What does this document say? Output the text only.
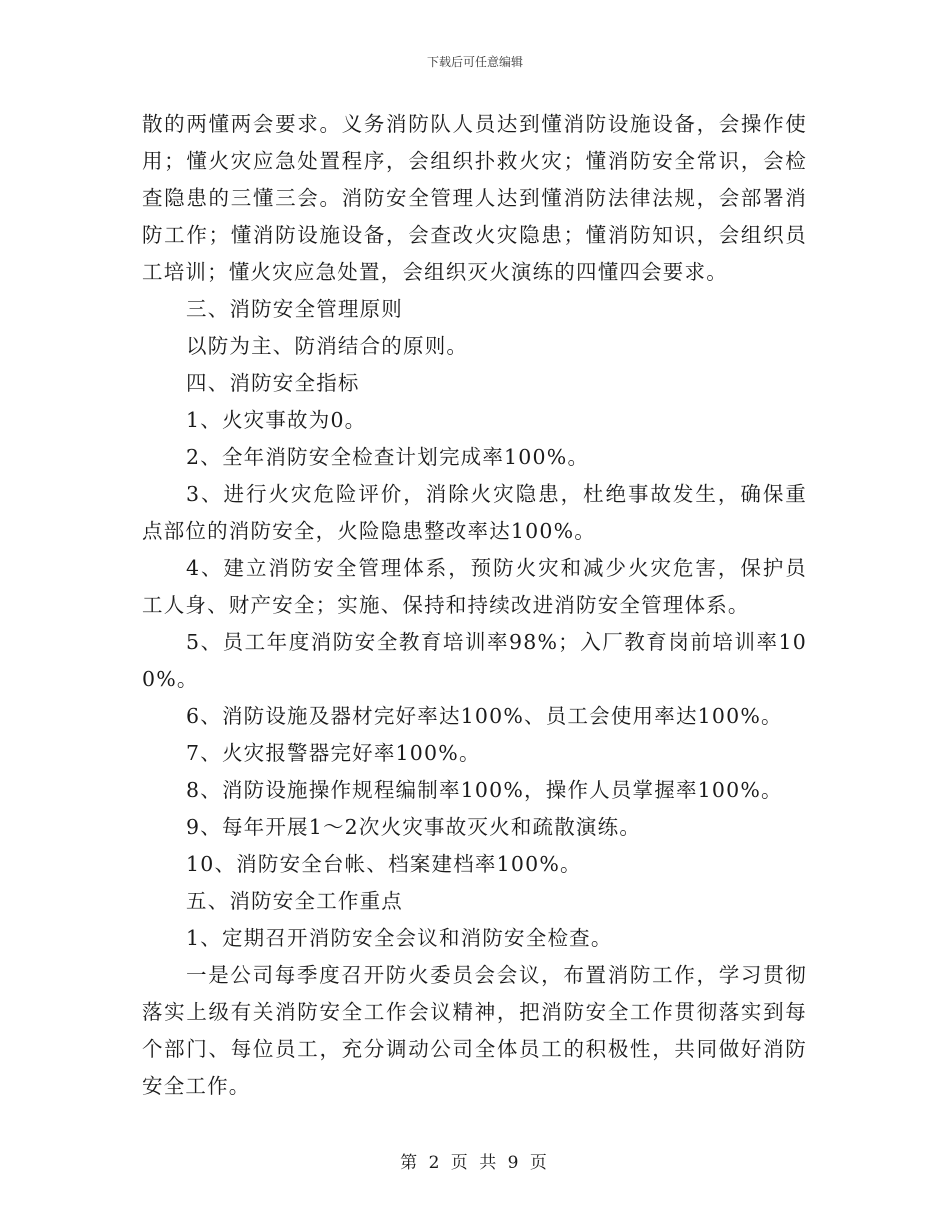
下载后可任意编辑

散的两懂两会要求。义务消防队人员达到懂消防设施设备，会操作使用；懂火灾应急处置程序，会组织扑救火灾；懂消防安全常识，会检查隐患的三懂三会。消防安全管理人达到懂消防法律法规，会部署消防工作；懂消防设施设备，会查改火灾隐患；懂消防知识，会组织员工培训；懂火灾应急处置，会组织灭火演练的四懂四会要求。

三、消防安全管理原则

以防为主、防消结合的原则。

四、消防安全指标

1、火灾事故为0。

2、全年消防安全检查计划完成率100%。

3、进行火灾危险评价，消除火灾隐患，杜绝事故发生，确保重点部位的消防安全，火险隐患整改率达100%。

4、建立消防安全管理体系，预防火灾和减少火灾危害，保护员工人身、财产安全；实施、保持和持续改进消防安全管理体系。

5、员工年度消防安全教育培训率98%；入厂教育岗前培训率100%。

6、消防设施及器材完好率达100%、员工会使用率达100%。

7、火灾报警器完好率100%。

8、消防设施操作规程编制率100%，操作人员掌握率100%。

9、每年开展1～2次火灾事故灭火和疏散演练。

10、消防安全台帐、档案建档率100%。

五、消防安全工作重点

1、定期召开消防安全会议和消防安全检查。

一是公司每季度召开防火委员会会议，布置消防工作，学习贯彻落实上级有关消防安全工作会议精神，把消防安全工作贯彻落实到每个部门、每位员工，充分调动公司全体员工的积极性，共同做好消防安全工作。

第 2 页 共 9 页
